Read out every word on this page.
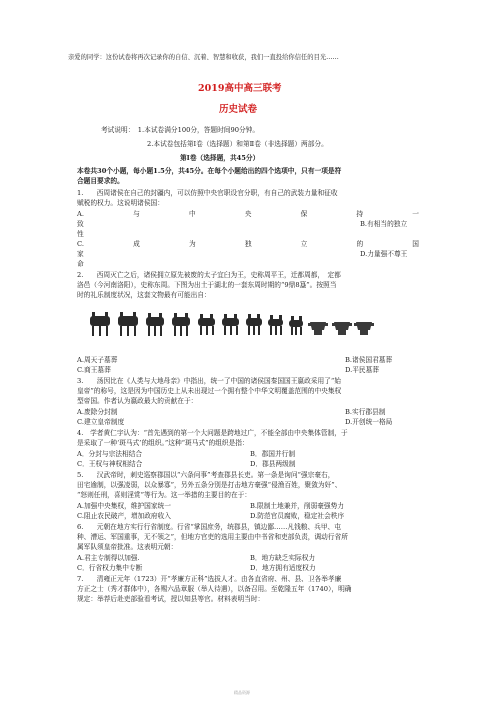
亲爱的同学：这份试卷将再次记录你的自信、沉着、智慧和收获，我们一直投给你信任的目光……
2019高中高三联考
历史试卷
考试说明：　1.本试卷满分100分，答题时间90分钟。
2.本试卷包括第Ⅰ卷（选择题）和第Ⅱ卷（非选择题）两部分。
第Ⅰ卷（选择题，共45分）
本卷共30个小题，每小题1.5分，共45分。在每个小题给出的四个选项中，只有一项是符
合题目要求的。
1.　　西周诸侯在自己的封疆内，可以仿照中央官职设官分职，有自己的武装力量和征收
赋税的权力。这说明诸侯国：
A.	与	中	央	保	持	一
致	B.有相当的独立
性
C.	成	为	独	立	的	国
家	D.力量强不尊王
命
2.　　西周灭亡之后，诸侯拥立原先被废的太子宜臼为王，史称周平王，迁都周都，　定都
洛邑（今河南洛阳），史称东周。下图为出土于湖北的一套东周时期的“9鼎8簋”。按照当
时的礼乐制度状况，这套文物最有可能出自：
A.周天子墓葬	B.诸侯国君墓葬
C.商王墓葬	D.平民墓葬
3.　　汤因比在《人类与大地母亲》中指出，统一了中国的诸侯国秦国国王嬴政采用了“始
皇帝”的称号，这是因为中国历史上从未出现过一个拥有整个中华文明覆盖范围的中央集权
型帝国。作者认为嬴政最大的贡献在于：
A.废除分封制	B.实行郡县制
C.建立皇帝制度	D.开创统一格局
4.　学者黄仁宇认为：“首先遇到的第一个大问题是跨地过广，不能全部由中央集体管制，于
是采取了一种‘斑马式’的组织。”这种“斑马式”的组织是指：
A．分封与宗法相结合	B．郡国并行制
C．王权与神权相结合	D．郡县两级制
5.　　汉武帝时，刺史巡察郡国以“六条问事”考查郡县长吏。第一条是询问“强宗豪右，
田宅逾制，以强凌弱，以众暴寡”，另外五条分别是打击地方豪强“侵渔百姓，聚敛为奸”、
“怒则任刑，喜则淫赏”等行为。这一举措的主要目的在于：
A.加强中央集权，维护国家统一	B.限制土地兼并，削弱豪强势力
C.阻止农民破产，增加政府收入	D.防范官员腐败，稳定社会秩序
6.　　元朝在地方实行行省制度。行省“掌国庶务，统郡县，镇边鄙……凡钱粮、兵甲、屯
种、漕运、军国重事，无不领之”，但地方官吏的选用主要由中书省和吏部负责，调动行省所
属军队须皇帝批准。这表明元朝：
A.君主专制得以加强.	B．地方缺乏实际权力
C．行省权力集中专断	D．地方拥有适度权力
7.　　清雍正元年（1723）开“孝廉方正科”选拔人才。由各直省府、州、县、卫各举孝廉
方正之士（秀才群体中），各赐六品章服（举人待遇），以备召用。至乾隆五年（1740），明确
规定：举荐后赴吏部验看考试，授以知县等官。材料表明当时：
精品资源
